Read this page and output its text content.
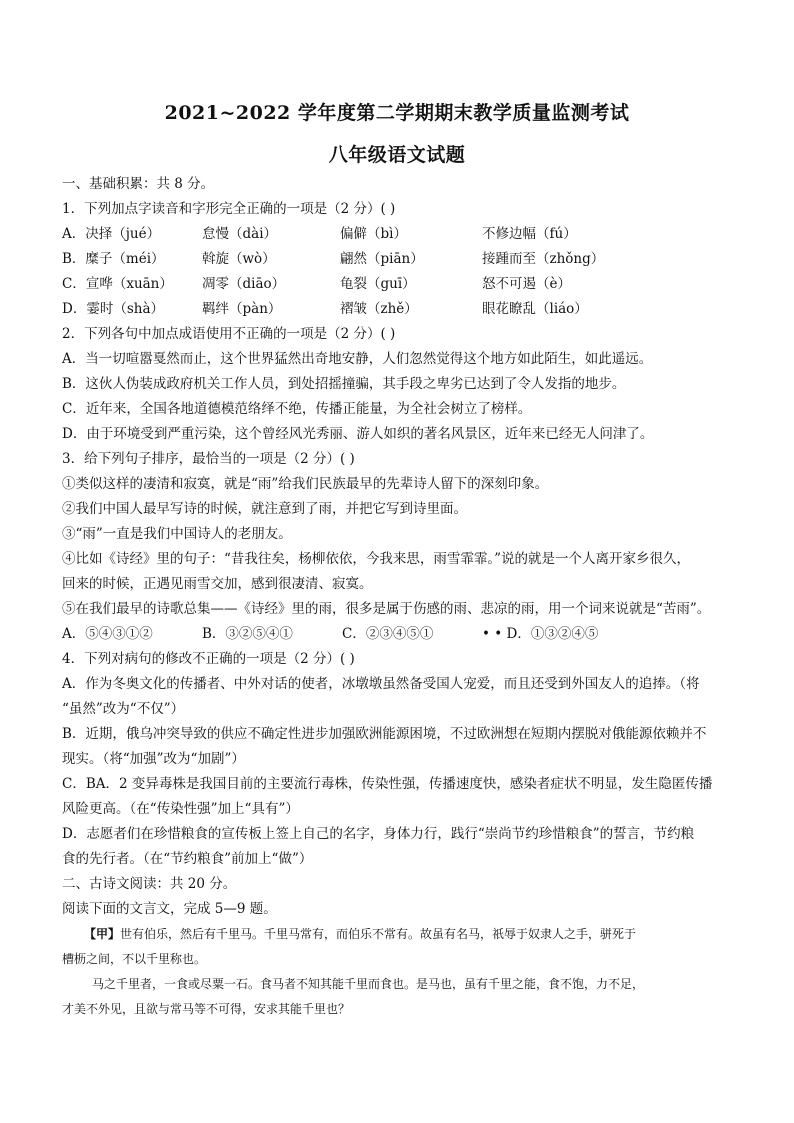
2021~2022 学年度第二学期期末教学质量监测考试
八年级语文试题
一、基础积累：共 8 分。
1．下列加点字读音和字形完全正确的一项是（2 分）( )
A．决择（jué）	怠慢（dài）	偏僻（bì）	不修边幅（fú）
B．糜子（méi）	斡旋（wò）	翩然（piān）	接踵而至（zhǒng）
C．宣哗（xuān） 凋零（diāo）	龟裂（guī）	怒不可遏（è）
D．霎时（shà）	羁绊（pàn）	褶皱（zhě）	眼花瞭乱（liáo）
2．下列各句中加点成语使用不正确的一项是（2 分）( )
A．当一切喧嚣戛然而止，这个世界猛然出奇地安静，人们忽然觉得这个地方如此陌生，如此遥远。
B．这伙人伪装成政府机关工作人员，到处招摇撞骗，其手段之卑劣已达到了令人发指的地步。
C．近年来，全国各地道德模范络绎不绝，传播正能量，为全社会树立了榜样。
D．由于环境受到严重污染，这个曾经风光秀丽、游人如织的著名风景区，近年来已经无人问津了。
3．给下列句子排序，最恰当的一项是（2 分）( )
①类似这样的凄清和寂寞，就是“雨”给我们民族最早的先辈诗人留下的深刻印象。
②我们中国人最早写诗的时候，就注意到了雨，并把它写到诗里面。
③“雨”一直是我们中国诗人的老朋友。
④比如《诗经》里的句子：“昔我往矣，杨柳依依，今我来思，雨雪霏霏。”说的就是一个人离开家乡很久，
回来的时候，正遇见雨雪交加，感到很凄清、寂寞。
⑤在我们最早的诗歌总集——《诗经》里的雨，很多是属于伤感的雨、悲凉的雨，用一个词来说就是“苦雨”。
A．⑤④③①②	B．③②⑤④①	C．②③④⑤①	• • D．①③②④⑤
4．下列对病句的修改不正确的一项是（2 分）( )
A．作为冬奥文化的传播者、中外对话的使者，冰墩墩虽然备受国人宠爱，而且还受到外国友人的追捧。（将
“虽然”改为“不仅”）
B．近期，俄乌冲突导致的供应不确定性进步加强欧洲能源困境，不过欧洲想在短期内摆脱对俄能源依赖并不
现实。（将“加强”改为“加剧”）
C．BA．2 变异毒株是我国目前的主要流行毒株，传染性强，传播速度快，感染者症状不明显，发生隐匿传播
风险更高。（在“传染性强”加上“具有”）
D．志愿者们在珍惜粮食的宣传板上签上自己的名字，身体力行，践行“崇尚节约珍惜粮食”的誓言，节约粮
食的先行者。（在“节约粮食”前加上“做”）
二、古诗文阅读：共 20 分。
阅读下面的文言文，完成 5—9 题。
【甲】世有伯乐，然后有千里马。千里马常有，而伯乐不常有。故虽有名马，祇辱于奴隶人之手，骈死于
槽枥之间，不以千里称也。
马之千里者，一食或尽粟一石。食马者不知其能千里而食也。是马也，虽有千里之能，食不饱，力不足，
才美不外见，且欲与常马等不可得，安求其能千里也？
